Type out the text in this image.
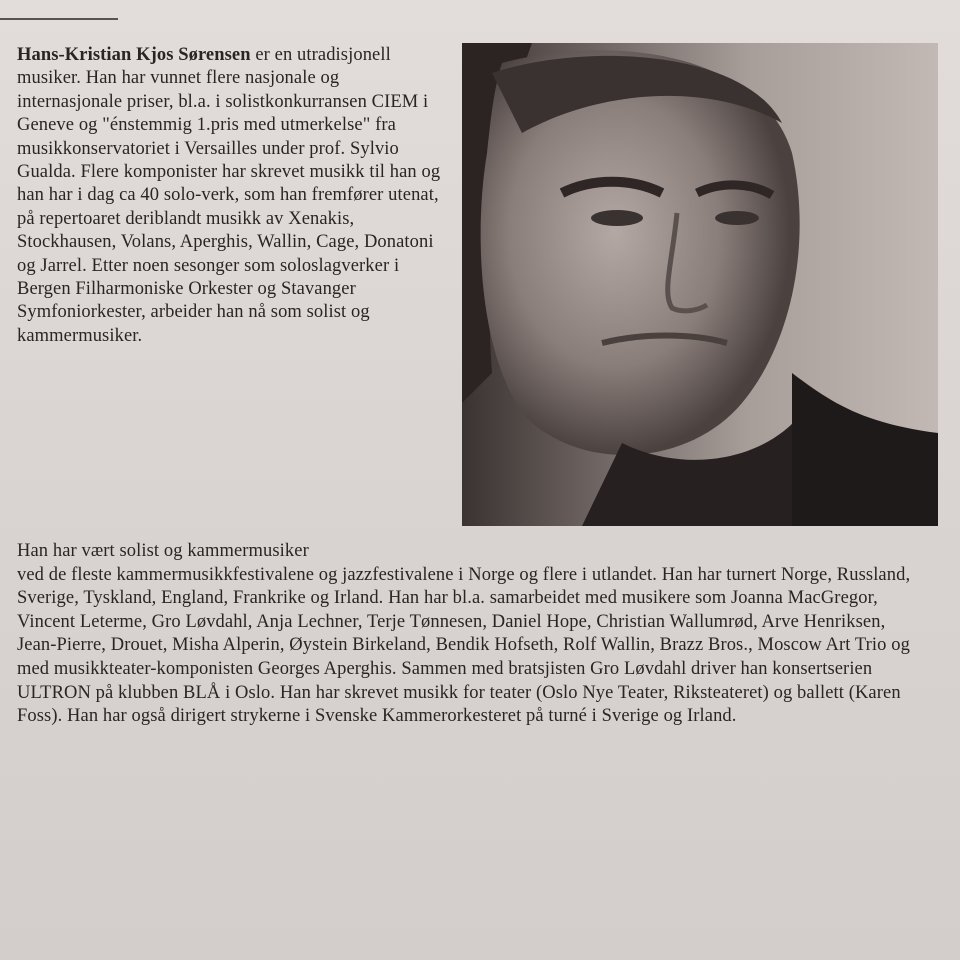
Hans-Kristian Kjos Sørensen er en utradisjonell musiker. Han har vunnet flere nasjonale og internasjonale priser, bl.a. i solistkonkurransen CIEM i Geneve og "énstemmig 1.pris med utmerkelse" fra musikkonservatoriet i Versailles under prof. Sylvio Gualda. Flere komponister har skrevet musikk til han og han har i dag ca 40 solo-verk, som han fremfører utenat, på repertoaret deriblandt musikk av Xenakis, Stockhausen, Volans, Aperghis, Wallin, Cage, Donatoni og Jarrel. Etter noen sesonger som soloslagverker i Bergen Filharmoniske Orkester og Stavanger Symfoniorkester, arbeider han nå som solist og kammermusiker.
Han har vært solist og kammermusiker
ved de fleste kammermusikkfestivalene og jazzfestivalene i Norge og flere i utlandet. Han har turnert Norge, Russland, Sverige, Tyskland, England, Frankrike og Irland. Han har bl.a. samarbeidet med musikere som Joanna MacGregor, Vincent Leterme, Gro Løvdahl, Anja Lechner, Terje Tønnesen, Daniel Hope, Christian Wallumrød, Arve Henriksen, Jean-Pierre, Drouet, Misha Alperin, Øystein Birkeland, Bendik Hofseth, Rolf Wallin, Brazz Bros., Moscow Art Trio og med musikkteater-komponisten Georges Aperghis. Sammen med bratsjisten Gro Løvdahl driver han konsertserien ULTRON på klubben BLÅ i Oslo. Han har skrevet musikk for teater (Oslo Nye Teater, Riksteateret) og ballett (Karen Foss). Han har også dirigert strykerne i Svenske Kammerorkesteret på turné i Sverige og Irland.
